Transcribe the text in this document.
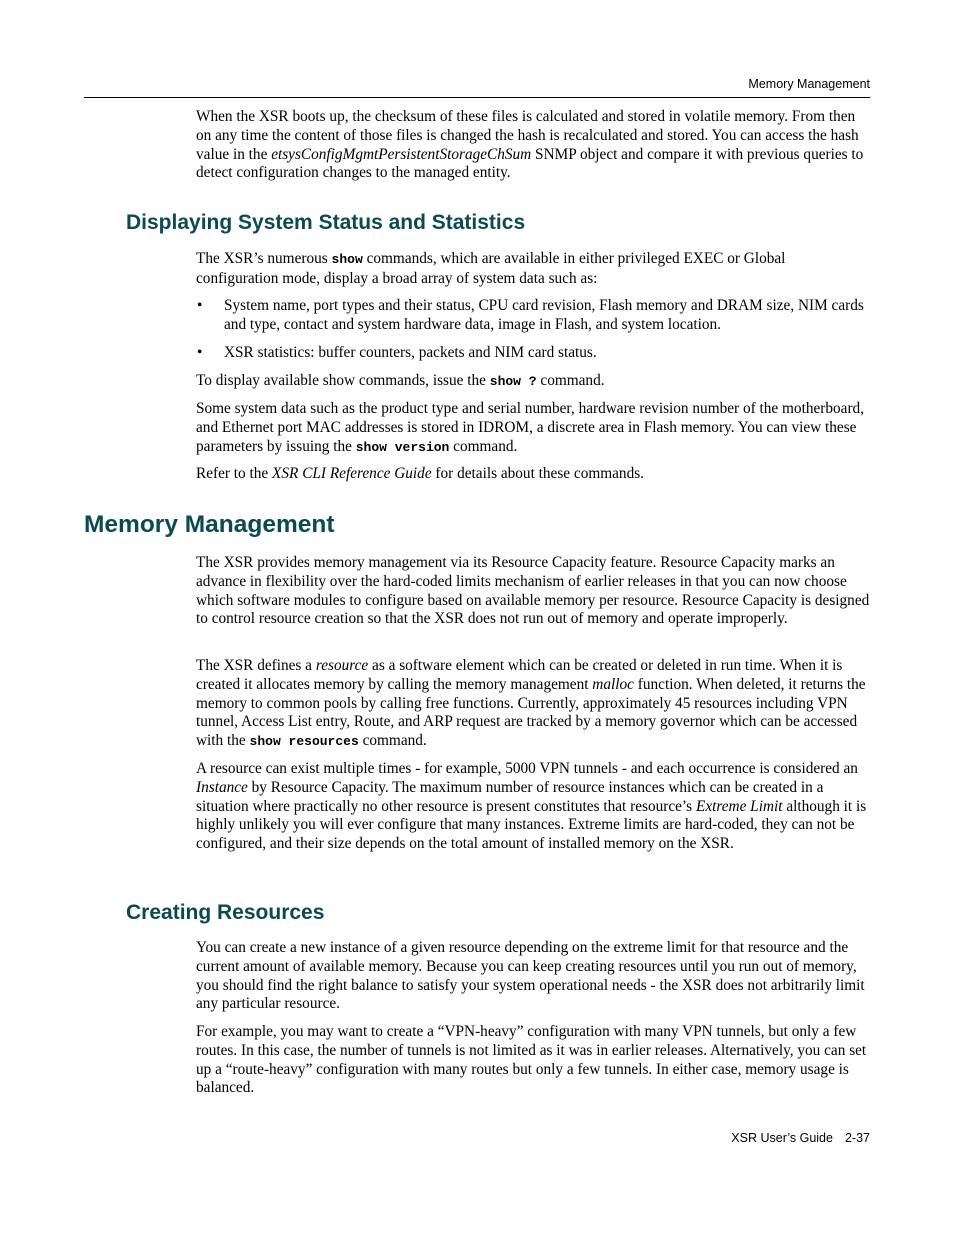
Memory Management

When the XSR boots up, the checksum of these files is calculated and stored in volatile memory. From then on any time the content of those files is changed the hash is recalculated and stored. You can access the hash value in the etsysConfigMgmtPersistentStorageChSum SNMP object and compare it with previous queries to detect configuration changes to the managed entity.

Displaying System Status and Statistics

The XSR’s numerous show commands, which are available in either privileged EXEC or Global configuration mode, display a broad array of system data such as:

• System name, port types and their status, CPU card revision, Flash memory and DRAM size, NIM cards and type, contact and system hardware data, image in Flash, and system location.

• XSR statistics: buffer counters, packets and NIM card status.

To display available show commands, issue the show ? command.

Some system data such as the product type and serial number, hardware revision number of the motherboard, and Ethernet port MAC addresses is stored in IDROM, a discrete area in Flash memory. You can view these parameters by issuing the show version command.

Refer to the XSR CLI Reference Guide for details about these commands.

Memory Management

The XSR provides memory management via its Resource Capacity feature. Resource Capacity marks an advance in flexibility over the hard-coded limits mechanism of earlier releases in that you can now choose which software modules to configure based on available memory per resource. Resource Capacity is designed to control resource creation so that the XSR does not run out of memory and operate improperly.

The XSR defines a resource as a software element which can be created or deleted in run time. When it is created it allocates memory by calling the memory management malloc function. When deleted, it returns the memory to common pools by calling free functions. Currently, approximately 45 resources including VPN tunnel, Access List entry, Route, and ARP request are tracked by a memory governor which can be accessed with the show resources command.

A resource can exist multiple times - for example, 5000 VPN tunnels - and each occurrence is considered an Instance by Resource Capacity. The maximum number of resource instances which can be created in a situation where practically no other resource is present constitutes that resource’s Extreme Limit although it is highly unlikely you will ever configure that many instances. Extreme limits are hard-coded, they can not be configured, and their size depends on the total amount of installed memory on the XSR.

Creating Resources

You can create a new instance of a given resource depending on the extreme limit for that resource and the current amount of available memory. Because you can keep creating resources until you run out of memory, you should find the right balance to satisfy your system operational needs - the XSR does not arbitrarily limit any particular resource.

For example, you may want to create a “VPN-heavy” configuration with many VPN tunnels, but only a few routes. In this case, the number of tunnels is not limited as it was in earlier releases. Alternatively, you can set up a “route-heavy” configuration with many routes but only a few tunnels. In either case, memory usage is balanced.

XSR User’s Guide 2-37
